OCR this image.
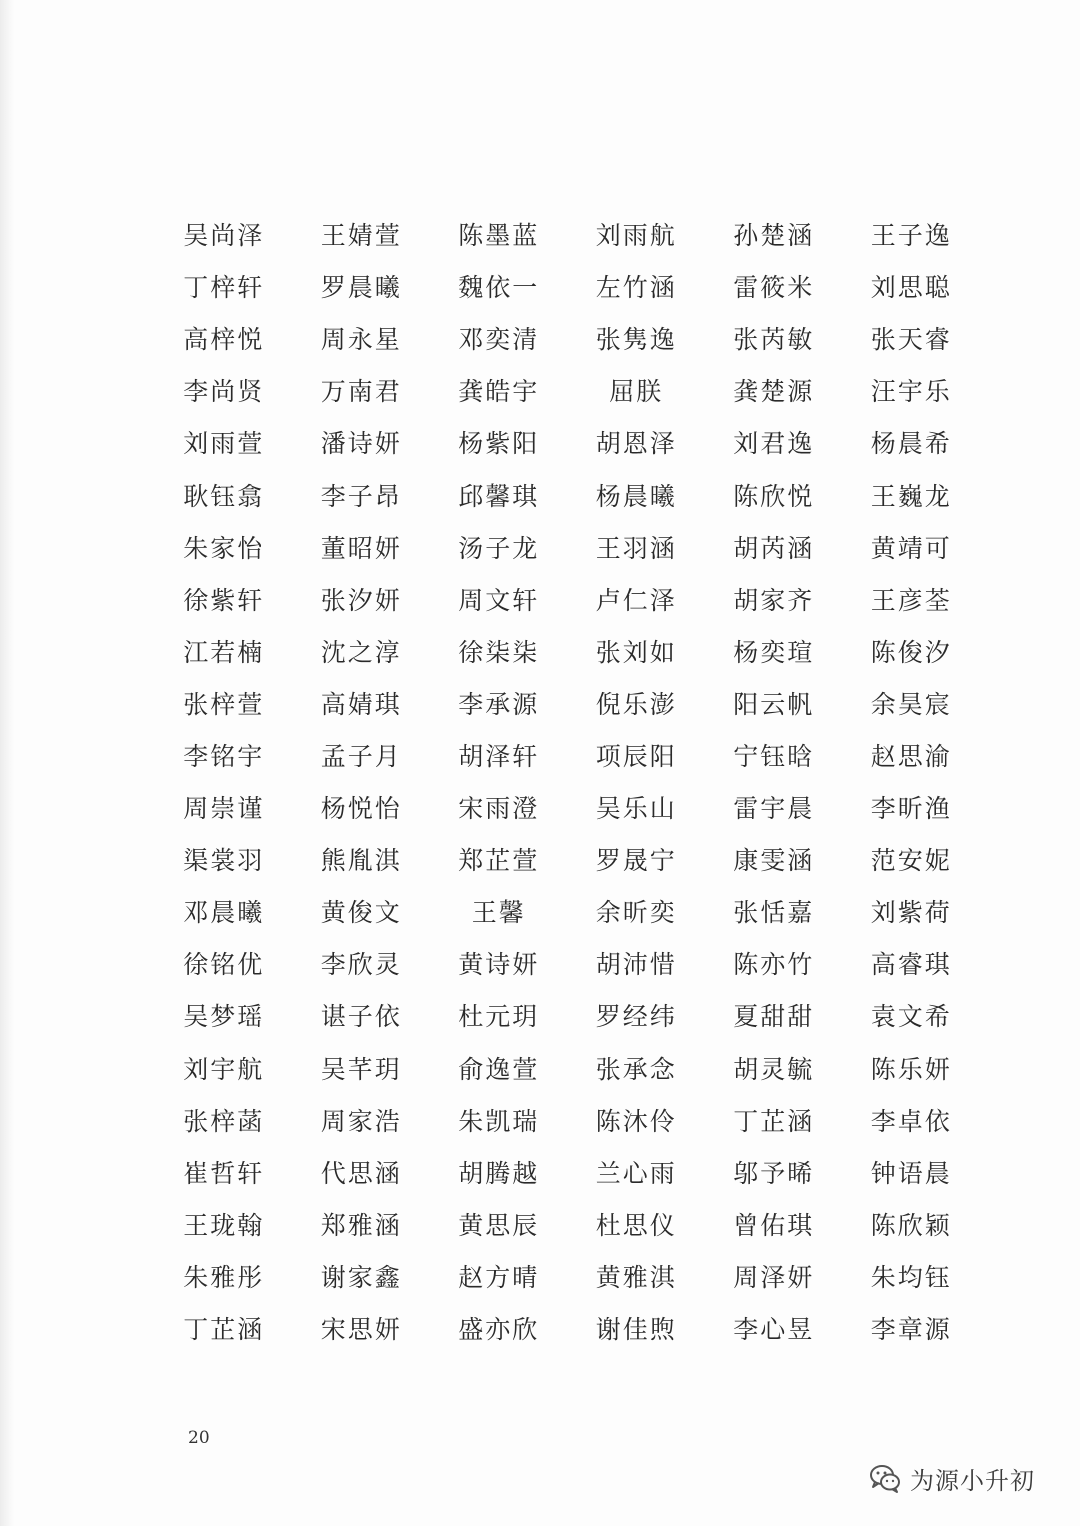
吴尚泽	王婧萱	陈墨蓝	刘雨航	孙楚涵	王子逸
丁梓轩	罗晨曦	魏依一	左竹涵	雷筱米	刘思聪
高梓悦	周永星	邓奕清	张隽逸	张芮敏	张天睿
李尚贤	万南君	龚皓宇	屈朕	龚楚源	汪宇乐
刘雨萱	潘诗妍	杨紫阳	胡恩泽	刘君逸	杨晨希
耿钰翕	李子昂	邱馨琪	杨晨曦	陈欣悦	王巍龙
朱家怡	董昭妍	汤子龙	王羽涵	胡芮涵	黄靖可
徐紫轩	张汐妍	周文轩	卢仁泽	胡家齐	王彦荃
江若楠	沈之淳	徐柒柒	张刘如	杨奕瑄	陈俊汐
张梓萱	高婧琪	李承源	倪乐澎	阳云帆	余昊宸
李铭宇	孟子月	胡泽轩	项辰阳	宁钰晗	赵思渝
周崇谨	杨悦怡	宋雨澄	吴乐山	雷宇晨	李昕渔
渠裳羽	熊胤淇	郑芷萱	罗晟宁	康雯涵	范安妮
邓晨曦	黄俊文	王馨	余昕奕	张恬嘉	刘紫荷
徐铭优	李欣灵	黄诗妍	胡沛惜	陈亦竹	高睿琪
吴梦瑶	谌子依	杜元玥	罗经纬	夏甜甜	袁文希
刘宇航	吴芊玥	俞逸萱	张承念	胡灵毓	陈乐妍
张梓菡	周家浩	朱凯瑞	陈沐伶	丁芷涵	李卓依
崔哲轩	代思涵	胡腾越	兰心雨	邬予晞	钟语晨
王珑翰	郑雅涵	黄思辰	杜思仪	曾佑琪	陈欣颖
朱雅彤	谢家鑫	赵方晴	黄雅淇	周泽妍	朱均钰
丁芷涵	宋思妍	盛亦欣	谢佳煦	李心昱	李章源
20
为源小升初
